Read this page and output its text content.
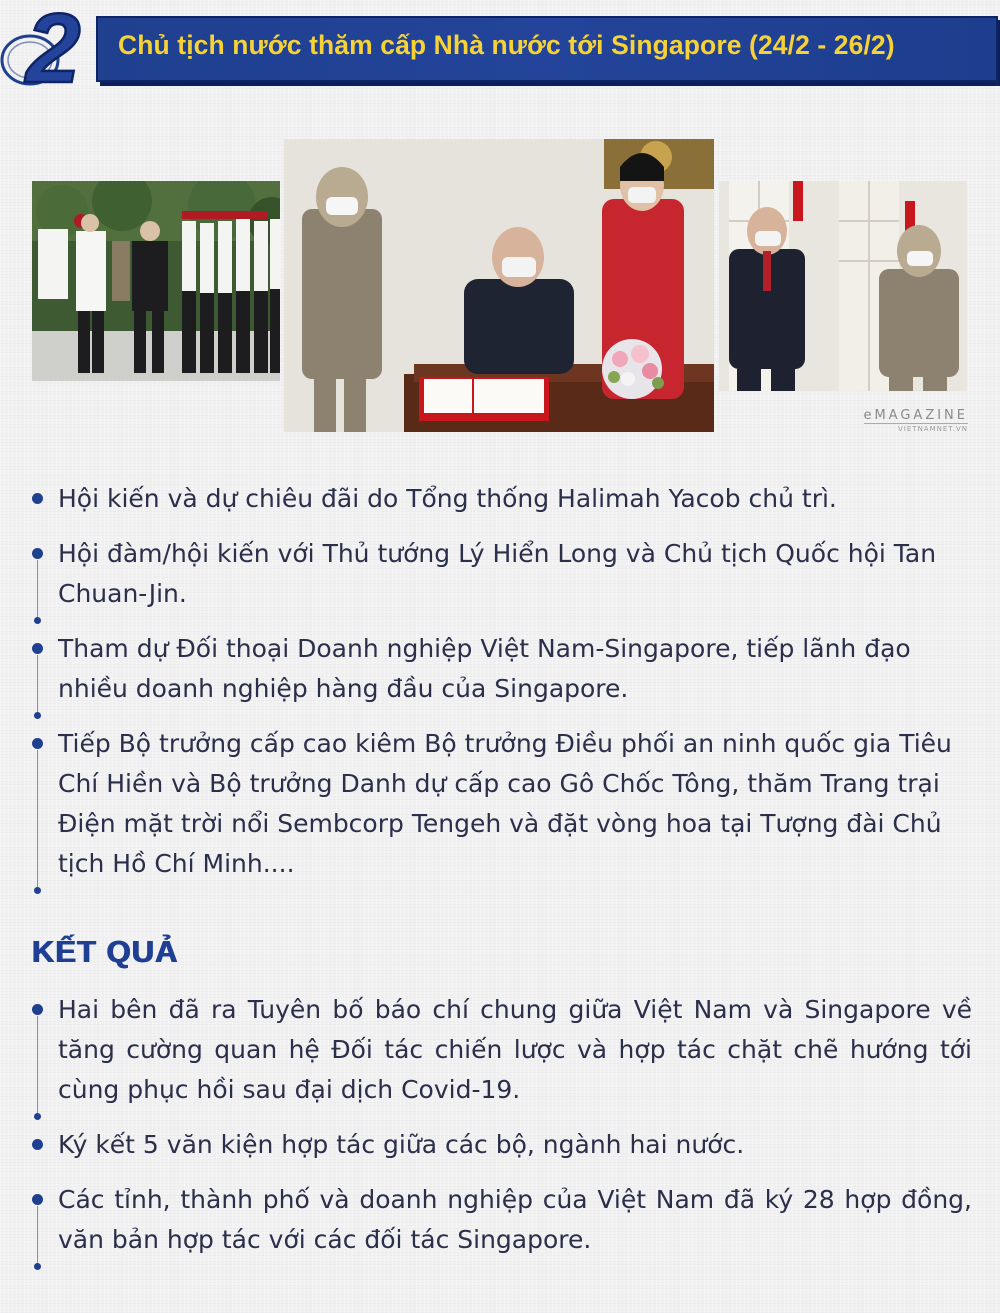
2 Chủ tịch nước thăm cấp Nhà nước tới Singapore (24/2 - 26/2)
eMAGAZINE
VIETNAMNET.VN
Hội kiến và dự chiêu đãi do Tổng thống Halimah Yacob chủ trì.
Hội đàm/hội kiến với Thủ tướng Lý Hiển Long và Chủ tịch Quốc hội Tan Chuan-Jin.
Tham dự Đối thoại Doanh nghiệp Việt Nam-Singapore, tiếp lãnh đạo nhiều doanh nghiệp hàng đầu của Singapore.
Tiếp Bộ trưởng cấp cao kiêm Bộ trưởng Điều phối an ninh quốc gia Tiêu Chí Hiền và Bộ trưởng Danh dự cấp cao Gô Chốc Tông, thăm Trang trại Điện mặt trời nổi Sembcorp Tengeh và đặt vòng hoa tại Tượng đài Chủ tịch Hồ Chí Minh....
KẾT QUẢ
Hai bên đã ra Tuyên bố báo chí chung giữa Việt Nam và Singapore về tăng cường quan hệ Đối tác chiến lược và hợp tác chặt chẽ hướng tới cùng phục hồi sau đại dịch Covid-19.
Ký kết 5 văn kiện hợp tác giữa các bộ, ngành hai nước.
Các tỉnh, thành phố và doanh nghiệp của Việt Nam đã ký 28 hợp đồng, văn bản hợp tác với các đối tác Singapore.
